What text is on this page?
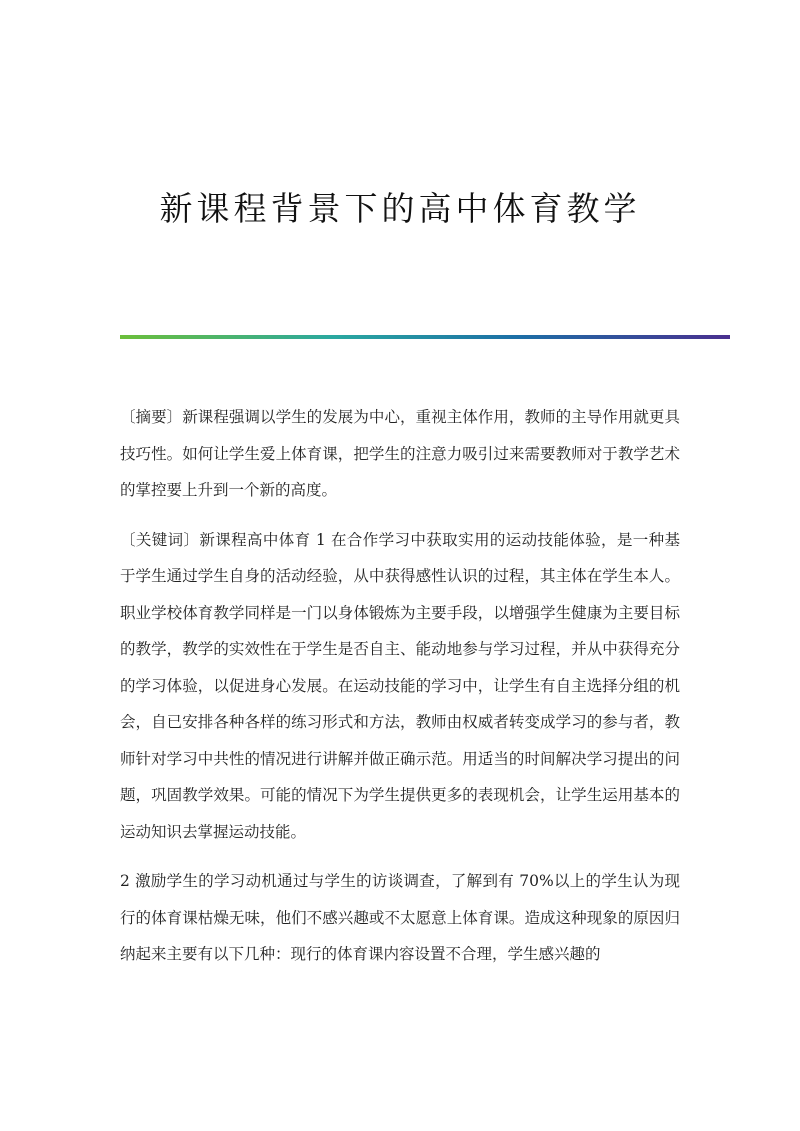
新课程背景下的高中体育教学

〔摘要〕新课程强调以学生的发展为中心，重视主体作用，教师的主导作用就更具技巧性。如何让学生爱上体育课，把学生的注意力吸引过来需要教师对于教学艺术的掌控要上升到一个新的高度。

〔关键词〕新课程高中体育 1 在合作学习中获取实用的运动技能体验，是一种基于学生通过学生自身的活动经验，从中获得感性认识的过程，其主体在学生本人。职业学校体育教学同样是一门以身体锻炼为主要手段，以增强学生健康为主要目标的教学，教学的实效性在于学生是否自主、能动地参与学习过程，并从中获得充分的学习体验，以促进身心发展。在运动技能的学习中，让学生有自主选择分组的机会，自已安排各种各样的练习形式和方法，教师由权威者转变成学习的参与者，教师针对学习中共性的情况进行讲解并做正确示范。用适当的时间解决学习提出的问题，巩固教学效果。可能的情况下为学生提供更多的表现机会，让学生运用基本的运动知识去掌握运动技能。

2 激励学生的学习动机通过与学生的访谈调查，了解到有 70%以上的学生认为现行的体育课枯燥无味，他们不感兴趣或不太愿意上体育课。造成这种现象的原因归纳起来主要有以下几种：现行的体育课内容设置不合理，学生感兴趣的
